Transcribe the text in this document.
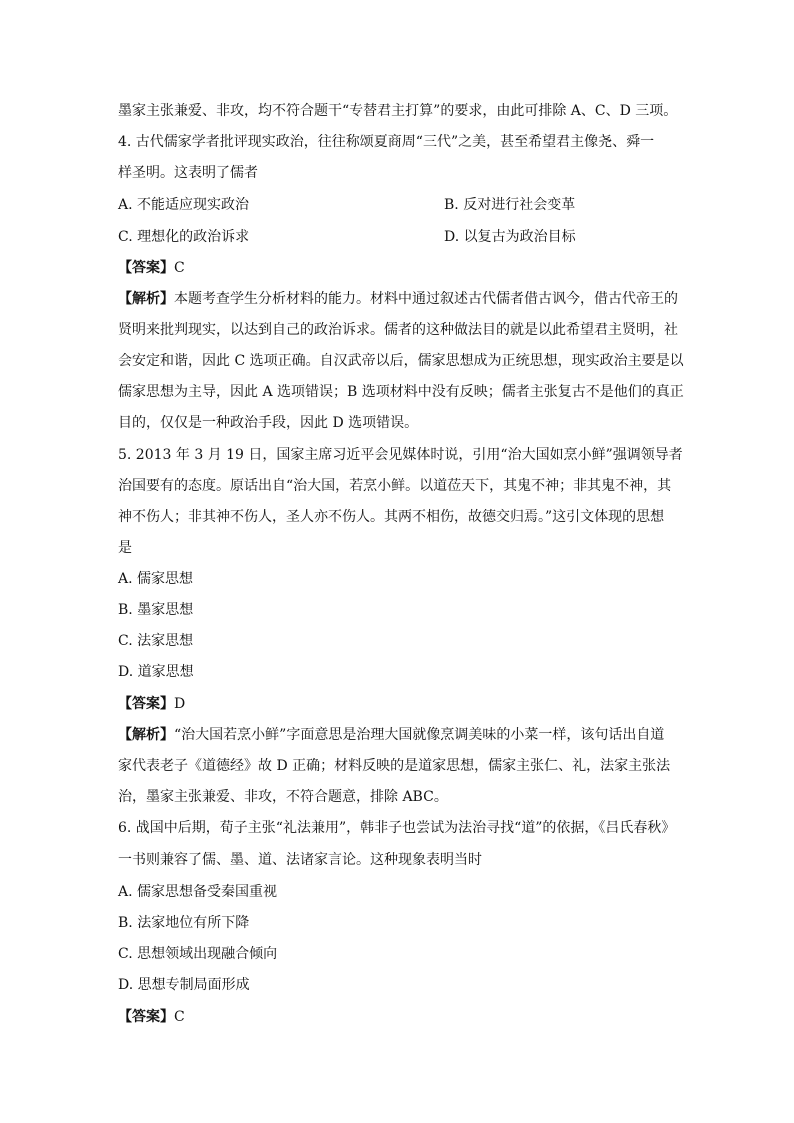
墨家主张兼爱、非攻，均不符合题干“专替君主打算”的要求，由此可排除 A、C、D 三项。
4. 古代儒家学者批评现实政治，往往称颂夏商周“三代”之美，甚至希望君主像尧、舜一
样圣明。这表明了儒者
A. 不能适应现实政治	B. 反对进行社会变革
C. 理想化的政治诉求	D. 以复古为政治目标
【答案】C
【解析】本题考查学生分析材料的能力。材料中通过叙述古代儒者借古讽今，借古代帝王的
贤明来批判现实，以达到自己的政治诉求。儒者的这种做法目的就是以此希望君主贤明，社
会安定和谐，因此 C 选项正确。自汉武帝以后，儒家思想成为正统思想，现实政治主要是以
儒家思想为主导，因此 A 选项错误；B 选项材料中没有反映；儒者主张复古不是他们的真正
目的，仅仅是一种政治手段，因此 D 选项错误。
5. 2013 年 3 月 19 日，国家主席习近平会见媒体时说，引用“治大国如烹小鲜”强调领导者
治国要有的态度。原话出自“治大国，若烹小鲜。以道莅天下，其鬼不神；非其鬼不神，其
神不伤人；非其神不伤人，圣人亦不伤人。其两不相伤，故德交归焉。”这引文体现的思想
是
A. 儒家思想
B. 墨家思想
C. 法家思想
D. 道家思想
【答案】D
【解析】“治大国若烹小鲜”字面意思是治理大国就像烹调美味的小菜一样，该句话出自道
家代表老子《道德经》故 D 正确；材料反映的是道家思想，儒家主张仁、礼，法家主张法
治，墨家主张兼爱、非攻，不符合题意，排除 ABC。
6. 战国中后期，荀子主张“礼法兼用”，韩非子也尝试为法治寻找“道”的依据，《吕氏春秋》
一书则兼容了儒、墨、道、法诸家言论。这种现象表明当时
A. 儒家思想备受秦国重视
B. 法家地位有所下降
C. 思想领域出现融合倾向
D. 思想专制局面形成
【答案】C
